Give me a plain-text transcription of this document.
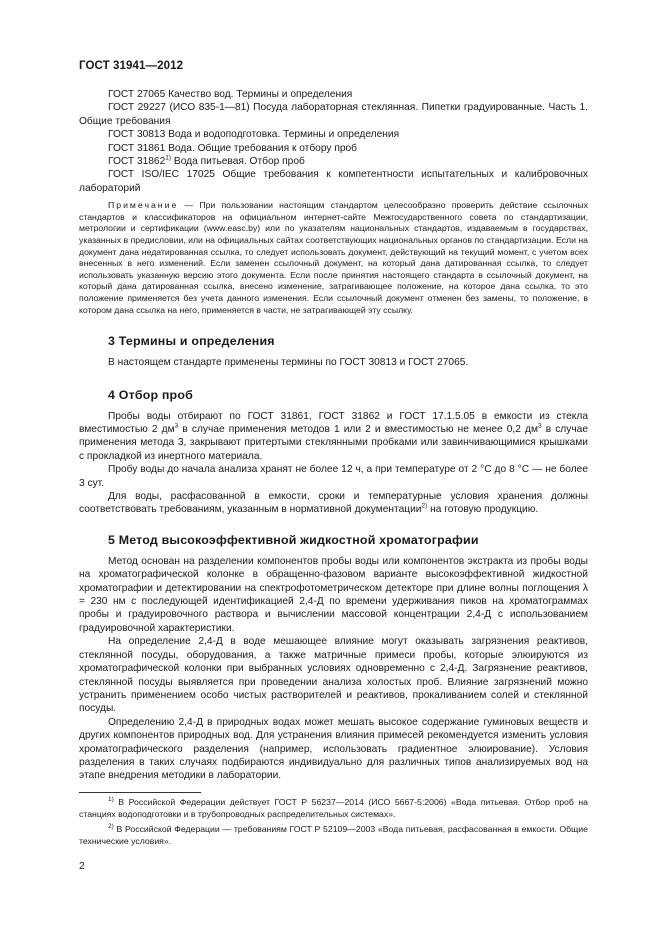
ГОСТ 31941—2012
ГОСТ 27065 Качество вод. Термины и определения

ГОСТ 29227 (ИСО 835-1—81) Посуда лабораторная стеклянная. Пипетки градуированные. Часть 1. Общие требования

ГОСТ 30813 Вода и водоподготовка. Термины и определения
ГОСТ 31861 Вода. Общие требования к отбору проб
ГОСТ 31862$^{1)}$ Вода питьевая. Отбор проб

ГОСТ ISO/IEC 17025 Общие требования к компетентности испытательных и калибровочных лабораторий

Примечание — При пользовании настоящим стандартом целесообразно проверить действие ссылочных стандартов и классификаторов на официальном интернет-сайте Межгосударственного совета по стандартизации, метрологии и сертификации (www.easc.by) или по указателям национальных стандартов, издаваемым в государствах, указанных в предисловии, или на официальных сайтах соответствующих национальных органов по стандартизации. Если на документ дана недатированная ссылка, то следует использовать документ, действующий на текущий момент, с учетом всех внесенных в него изменений. Если заменен ссылочный документ, на который дана датированная ссылка, то следует использовать указанную версию этого документа. Если после принятия настоящего стандарта в ссылочный документ, на который дана датированная ссылка, внесено изменение, затрагивающее положение, на которое дана ссылка, то это положение применяется без учета данного изменения. Если ссылочный документ отменен без замены, то положение, в котором дана ссылка на него, применяется в части, не затрагивающей эту ссылку.

3 Термины и определения

В настоящем стандарте применены термины по ГОСТ 30813 и ГОСТ 27065.

4 Отбор проб

Пробы воды отбирают по ГОСТ 31861, ГОСТ 31862 и ГОСТ 17.1.5.05 в емкости из стекла вместимостью 2 $дм^3$ в случае применения методов 1 или 2 и вместимостью не менее 0,2 $дм^3$ в случае применения метода 3, закрывают притертыми стеклянными пробками или завинчивающимися крышками с прокладкой из инертного материала.

Пробу воды до начала анализа хранят не более 12 ч, а при температуре от 2 °С до 8 °С — не более 3 сут.

Для воды, расфасованной в емкости, сроки и температурные условия хранения должны соответствовать требованиям, указанным в нормативной документации$^{2)}$ на готовую продукцию.

5 Метод высокоэффективной жидкостной хроматографии

Метод основан на разделении компонентов пробы воды или компонентов экстракта из пробы воды на хроматографической колонке в обращенно-фазовом варианте высокоэффективной жидкостной хроматографии и детектировании на спектрофотометрическом детекторе при длине волны поглощения λ = 230 нм с последующей идентификацией 2,4-Д по времени удерживания пиков на хроматограммах пробы и градуировочного раствора и вычислении массовой концентрации 2,4-Д с использованием градуировочной характеристики.

На определение 2,4-Д в воде мешающее влияние могут оказывать загрязнения реактивов, стеклянной посуды, оборудования, а также матричные примеси пробы, которые элюируются из хроматографической колонки при выбранных условиях одновременно с 2,4-Д. Загрязнение реактивов, стеклянной посуды выявляется при проведении анализа холостых проб. Влияние загрязнений можно устранить применением особо чистых растворителей и реактивов, прокаливанием солей и стеклянной посуды.

Определению 2,4-Д в природных водах может мешать высокое содержание гуминовых веществ и других компонентов природных вод. Для устранения влияния примесей рекомендуется изменить условия хроматографического разделения (например, использовать градиентное элюирование). Условия разделения в таких случаях подбираются индивидуально для различных типов анализируемых вод на этапе внедрения методики в лаборатории.

$^{1)}$ В Российской Федерации действует ГОСТ Р 56237—2014 (ИСО 5667-5:2006) «Вода питьевая. Отбор проб на станциях водоподготовки и в трубопроводных распределительных системах».
$^{2)}$ В Российской Федерации — требованиям ГОСТ Р 52109—2003 «Вода питьевая, расфасованная в емкости. Общие технические условия».
2
